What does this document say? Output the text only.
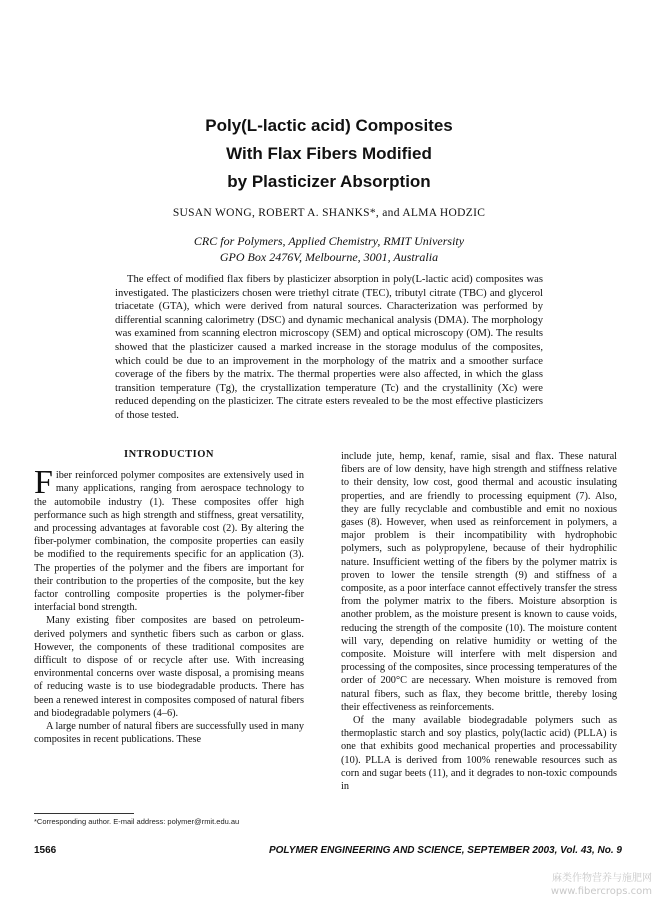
Poly(L-lactic acid) Composites
With Flax Fibers Modified
by Plasticizer Absorption
SUSAN WONG, ROBERT A. SHANKS*, and ALMA HODZIC
CRC for Polymers, Applied Chemistry, RMIT University
GPO Box 2476V, Melbourne, 3001, Australia
The effect of modified flax fibers by plasticizer absorption in poly(L-lactic acid) composites was investigated. The plasticizers chosen were triethyl citrate (TEC), tributyl citrate (TBC) and glycerol triacetate (GTA), which were derived from natural sources. Characterization was performed by differential scanning calorimetry (DSC) and dynamic mechanical analysis (DMA). The morphology was examined from scanning electron microscopy (SEM) and optical microscopy (OM). The results showed that the plasticizer caused a marked increase in the storage modulus of the composites, which could be due to an improvement in the morphology of the matrix and a smoother surface coverage of the fibers by the matrix. The thermal properties were also affected, in which the glass transition temperature (Tg), the crystallization temperature (Tc) and the crystallinity (Xc) were reduced depending on the plasticizer. The citrate esters revealed to be the most effective plasticizers of those tested.
INTRODUCTION

Fiber reinforced polymer composites are extensively used in many applications, ranging from aerospace technology to the automobile industry (1). These composites offer high performance such as high strength and stiffness, great versatility, and processing advantages at favorable cost (2). By altering the fiber-polymer combination, the composite properties can easily be modified to the requirements specific for an application (3). The properties of the polymer and the fibers are important for their contribution to the properties of the composite, but the key factor controlling composite properties is the polymer-fiber interfacial bond strength.

Many existing fiber composites are based on petroleum-derived polymers and synthetic fibers such as carbon or glass. However, the components of these traditional composites are difficult to dispose of or recycle after use. With increasing environmental concerns over waste disposal, a promising means of reducing waste is to use biodegradable products. There has been a renewed interest in composites composed of natural fibers and biodegradable polymers (4–6).

A large number of natural fibers are successfully used in many composites in recent publications. These

include jute, hemp, kenaf, ramie, sisal and flax. These natural fibers are of low density, have high strength and stiffness relative to their density, low cost, good thermal and acoustic insulating properties, and are friendly to processing equipment (7). Also, they are fully recyclable and combustible and emit no noxious gases (8). However, when used as reinforcement in polymers, a major problem is their incompatibility with hydrophobic polymers, such as polypropylene, because of their hydrophilic nature. Insufficient wetting of the fibers by the polymer matrix is proven to lower the tensile strength (9) and stiffness of a composite, as a poor interface cannot effectively transfer the stress from the polymer matrix to the fibers. Moisture absorption is another problem, as the moisture present is known to cause voids, reducing the strength of the composite (10). The moisture content will vary, depending on relative humidity or wetting of the composite. Moisture will interfere with melt dispersion and processing of the composites, since processing temperatures of the order of 200°C are necessary. When moisture is removed from natural fibers, such as flax, they become brittle, thereby losing their effectiveness as reinforcements.

Of the many available biodegradable polymers such as thermoplastic starch and soy plastics, poly(lactic acid) (PLLA) is one that exhibits good mechanical properties and processability (10). PLLA is derived from 100% renewable resources such as corn and sugar beets (11), and it degrades to non-toxic compounds in

*Corresponding author. E-mail address: polymer@rmit.edu.au
1566	POLYMER ENGINEERING AND SCIENCE, SEPTEMBER 2003, Vol. 43, No. 9
麻类作物营养与施肥网
www.fibercrops.com
